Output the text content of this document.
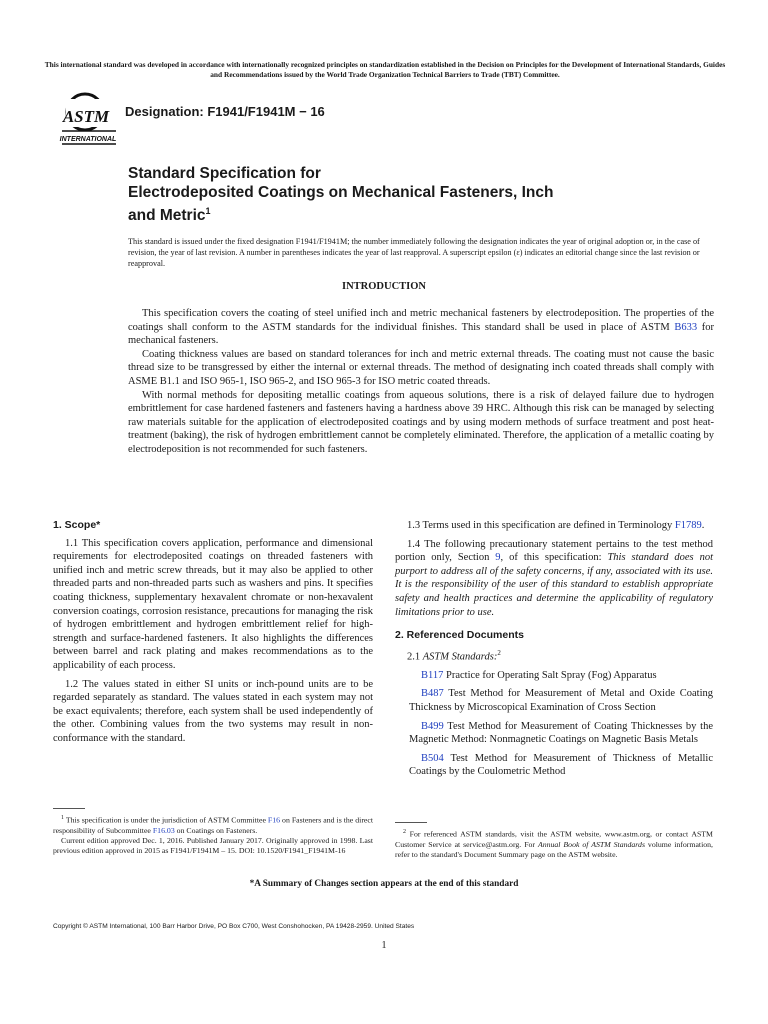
This international standard was developed in accordance with internationally recognized principles on standardization established in the Decision on Principles for the Development of International Standards, Guides and Recommendations issued by the World Trade Organization Technical Barriers to Trade (TBT) Committee.
ASTM
INTERNATIONAL
Designation: F1941/F1941M − 16
Standard Specification for
Electrodeposited Coatings on Mechanical Fasteners, Inch
and Metric$^1$
This standard is issued under the fixed designation F1941/F1941M; the number immediately following the designation indicates the year of original adoption or, in the case of revision, the year of last revision. A number in parentheses indicates the year of last reapproval. A superscript epsilon (ε) indicates an editorial change since the last revision or reapproval.
INTRODUCTION

This specification covers the coating of steel unified inch and metric mechanical fasteners by electrodeposition. The properties of the coatings shall conform to the ASTM standards for the individual finishes. This standard shall be used in place of ASTM B633 for mechanical fasteners.

Coating thickness values are based on standard tolerances for inch and metric external threads. The coating must not cause the basic thread size to be transgressed by either the internal or external threads. The method of designating inch coated threads shall comply with ASME B1.1 and ISO 965-1, ISO 965-2, and ISO 965-3 for ISO metric coated threads.

With normal methods for depositing metallic coatings from aqueous solutions, there is a risk of delayed failure due to hydrogen embrittlement for case hardened fasteners and fasteners having a hardness above 39 HRC. Although this risk can be managed by selecting raw materials suitable for the application of electrodeposited coatings and by using modern methods of surface treatment and post heat-treatment (baking), the risk of hydrogen embrittlement cannot be completely eliminated. Therefore, the application of a metallic coating by electrodeposition is not recommended for such fasteners.

1. Scope*

1.1 This specification covers application, performance and dimensional requirements for electrodeposited coatings on threaded fasteners with unified inch and metric screw threads, but it may also be applied to other threaded parts and non-threaded parts such as washers and pins. It specifies coating thickness, supplementary hexavalent chromate or non-hexavalent conversion coatings, corrosion resistance, precautions for managing the risk of hydrogen embrittlement and hydrogen embrittlement relief for high-strength and surface-hardened fasteners. It also highlights the differences between barrel and rack plating and makes recommendations as to the applicability of each process.

1.2 The values stated in either SI units or inch-pound units are to be regarded separately as standard. The values stated in each system may not be exact equivalents; therefore, each system shall be used independently of the other. Combining values from the two systems may result in non-conformance with the standard.

1.3 Terms used in this specification are defined in Terminology F1789.

1.4 The following precautionary statement pertains to the test method portion only, Section 9, of this specification: This standard does not purport to address all of the safety concerns, if any, associated with its use. It is the responsibility of the user of this standard to establish appropriate safety and health practices and determine the applicability of regulatory limitations prior to use.

2. Referenced Documents

2.1 ASTM Standards:$^2$

B117 Practice for Operating Salt Spray (Fog) Apparatus

B487 Test Method for Measurement of Metal and Oxide Coating Thickness by Microscopical Examination of Cross Section

B499 Test Method for Measurement of Coating Thicknesses by the Magnetic Method: Nonmagnetic Coatings on Magnetic Basis Metals

B504 Test Method for Measurement of Thickness of Metallic Coatings by the Coulometric Method

$^1$ This specification is under the jurisdiction of ASTM Committee F16 on Fasteners and is the direct responsibility of Subcommittee F16.03 on Coatings on Fasteners.

Current edition approved Dec. 1, 2016. Published January 2017. Originally approved in 1998. Last previous edition approved in 2015 as F1941/F1941M – 15. DOI: 10.1520/F1941_F1941M-16

$^2$ For referenced ASTM standards, visit the ASTM website, www.astm.org, or contact ASTM Customer Service at service@astm.org. For Annual Book of ASTM Standards volume information, refer to the standard's Document Summary page on the ASTM website.

*A Summary of Changes section appears at the end of this standard
Copyright © ASTM International, 100 Barr Harbor Drive, PO Box C700, West Conshohocken, PA 19428-2959. United States
1
